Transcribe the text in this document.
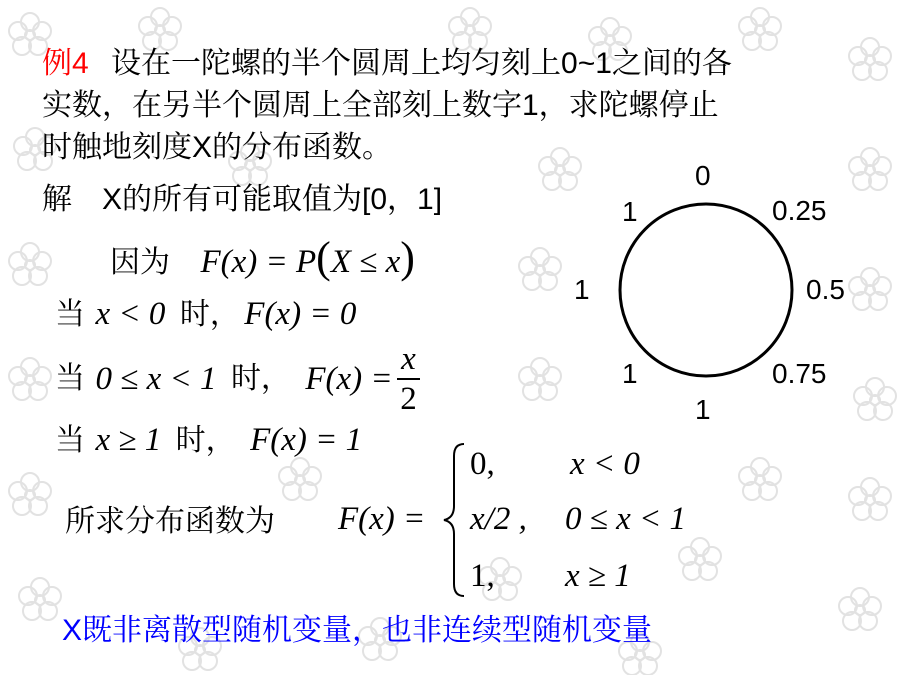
例4 设在一陀螺的半个圆周上均匀刻上0~1之间的各
实数，在另半个圆周上全部刻上数字1，求陀螺停止
时触地刻度X的分布函数。
解　X的所有可能取值为[0，1]
因为 F(x) = P(X ≤ x)
当 x < 0 时， F(x) = 0
当 0 ≤ x < 1 时， $F(x) = \frac{x}{2}$
当 x ≥ 1 时， F(x) = 1
所求分布函数为 F(x) =
0, x < 0
x/2 , 0 ≤ x < 1
1, x ≥ 1
X既非离散型随机变量，也非连续型随机变量
0
0.25
0.5
0.75
1
1
1
1
